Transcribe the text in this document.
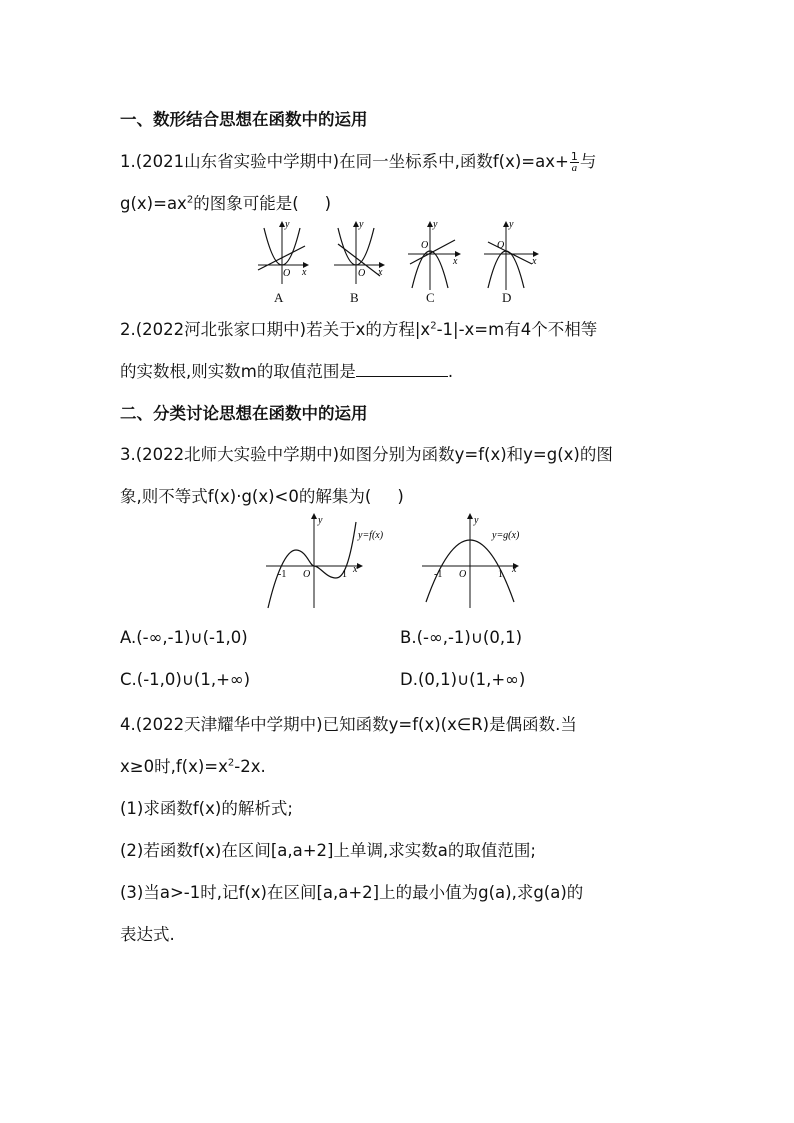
一、数形结合思想在函数中的运用
1.(2021山东省实验中学期中)在同一坐标系中,函数$f(x)=ax+ \frac{1}{a}$ 与
$g(x)=ax^2$的图象可能是( )
y
x
O
y
x
O
y
x
O
y
x
O
A	B	C	D
2.(2022河北张家口期中)若关于x的方程$|x^2-1|-x=m$有4个不相等
的实数根,则实数m的取值范围是	.
二、分类讨论思想在函数中的运用
3.(2022北师大实验中学期中)如图分别为函数y=f(x)和y=g(x)的图
象,则不等式f(x)·g(x)<0的解集为( )
y
x
y=f(x)
-1 O	1
y
x
y=g(x)
-1 O	1
A.(-∞,-1)∪(-1,0)	B.(-∞,-1)∪(0,1)
C.(-1,0)∪(1,+∞)	D.(0,1)∪(1,+∞)
4.(2022天津耀华中学期中)已知函数y=f(x)(x∈R)是偶函数.当
x≥0时$,f(x)=x^2-2x$.
(1)求函数f(x)的解析式;
(2)若函数f(x)在区间[a,a+2]上单调,求实数a的取值范围;
(3)当a>-1时,记f(x)在区间[a,a+2]上的最小值为g(a),求g(a)的
表达式.
